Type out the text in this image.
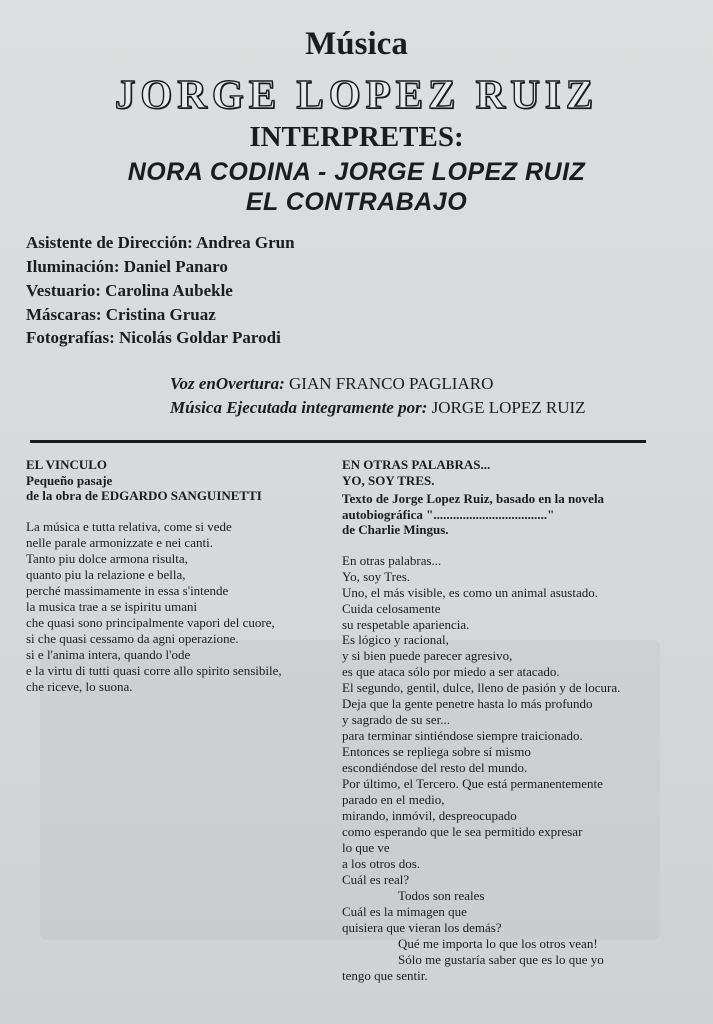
Música
JORGE LOPEZ RUIZ
INTERPRETES:
NORA CODINA - JORGE LOPEZ RUIZ
EL CONTRABAJO
Asistente de Dirección: Andrea Grun
Iluminación: Daniel Panaro
Vestuario: Carolina Aubekle
Máscaras: Cristina Gruaz
Fotografías: Nicolás Goldar Parodi
Voz enOvertura: GIAN FRANCO PAGLIARO
Música Ejecutada integramente por: JORGE LOPEZ RUIZ
EL VINCULO
Pequeño pasaje
de la obra de EDGARDO SANGUINETTI
La música e tutta relativa, come si vede
nelle parale armonizzate e nei canti.
Tanto piu dolce armona risulta,
quanto piu la relazione e bella,
perché massimamente in essa s'intende
la musica trae a se ispiritu umani
che quasi sono principalmente vapori del cuore,
si che quasi cessamo da agni operazione.
si e l'anima intera, quando l'ode
e la virtu di tutti quasi corre allo spirito sensibile,
che riceve, lo suona.
EN OTRAS PALABRAS...
YO, SOY TRES.
Texto de Jorge Lopez Ruiz, basado en la novela
autobiográfica "..................................."
de Charlie Mingus.
En otras palabras...
Yo, soy Tres.
Uno, el más visible, es como un animal asustado.
Cuida celosamente
su respetable apariencia.
Es lógico y racional,
y si bien puede parecer agresivo,
es que ataca sólo por miedo a ser atacado.
El segundo, gentil, dulce, lleno de pasión y de locura.
Deja que la gente penetre hasta lo más profundo
y sagrado de su ser...
para terminar sintiéndose siempre traicionado.
Entonces se repliega sobre sí mismo
escondiéndose del resto del mundo.
Por último, el Tercero. Que está permanentemente
parado en el medio,
mirando, inmóvil, despreocupado
como esperando que le sea permitido expresar
lo que ve
a los otros dos.
Cuál es real?
Todos son reales
Cuál es la mimagen que
quisiera que vieran los demás?
Qué me importa lo que los otros vean!
Sólo me gustaría saber que es lo que yo
tengo que sentir.
